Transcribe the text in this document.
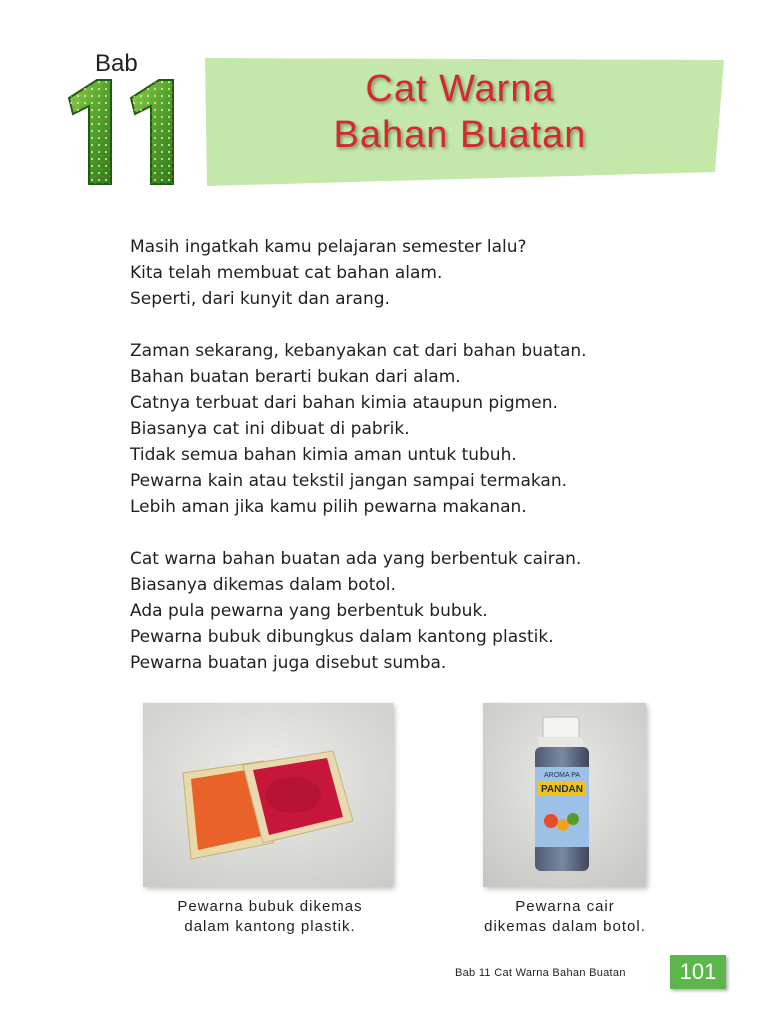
Bab
Cat Warna
Bahan Buatan

Masih ingatkah kamu pelajaran semester lalu?
Kita telah membuat cat bahan alam.
Seperti, dari kunyit dan arang.

Zaman sekarang, kebanyakan cat dari bahan buatan.
Bahan buatan berarti bukan dari alam.
Catnya terbuat dari bahan kimia ataupun pigmen.
Biasanya cat ini dibuat di pabrik.
Tidak semua bahan kimia aman untuk tubuh.
Pewarna kain atau tekstil jangan sampai termakan.
Lebih aman jika kamu pilih pewarna makanan.

Cat warna bahan buatan ada yang berbentuk cairan.
Biasanya dikemas dalam botol.
Ada pula pewarna yang berbentuk bubuk.
Pewarna bubuk dibungkus dalam kantong plastik.
Pewarna buatan juga disebut sumba.

AROMA PA
PANDAN
Pewarna bubuk dikemas
dalam kantong plastik.
Pewarna cair
dikemas dalam botol.
Bab 11 Cat Warna Bahan Buatan	101
